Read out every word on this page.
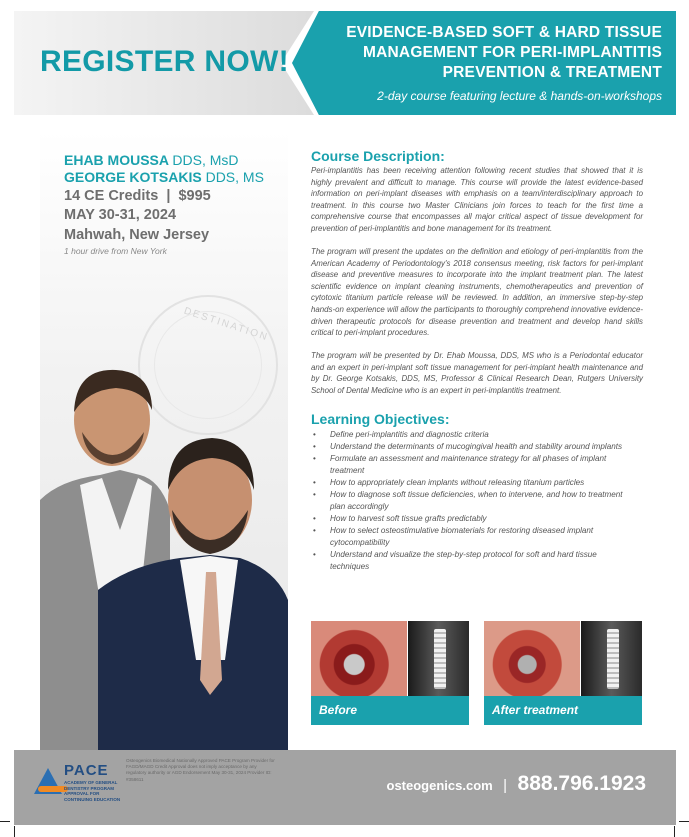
REGISTER NOW!
EVIDENCE-BASED SOFT & HARD TISSUE
MANAGEMENT FOR PERI-IMPLANTITIS
PREVENTION & TREATMENT
2-day course featuring lecture & hands-on-workshops
EHAB MOUSSA DDS, MsD
GEORGE KOTSAKIS DDS, MS
14 CE Credits  |  $995
MAY 30-31, 2024
Mahwah, New Jersey
1 hour drive from New York
DESTINATION
Course Description:

Peri-implantitis has been receiving attention following recent studies that showed that it is highly prevalent and difficult to manage. This course will provide the latest evidence-based information on peri-implant diseases with emphasis on a team/interdisciplinary approach to treatment. In this course two Master Clinicians join forces to teach for the first time a comprehensive course that encompasses all major critical aspect of tissue development for prevention of peri-implantitis and bone management for its treatment.

The program will present the updates on the definition and etiology of peri-implantitis from the American Academy of Periodontology's 2018 consensus meeting, risk factors for peri-implant disease and preventive measures to incorporate into the implant treatment plan. The latest scientific evidence on implant cleaning instruments, chemotherapeutics and prevention of cytotoxic titanium particle release will be reviewed. In addition, an immersive step-by-step hands-on experience will allow the participants to thoroughly comprehend innovative evidence-driven therapeutic protocols for disease prevention and treatment and develop hand skills critical to peri-implant procedures.

The program will be presented by Dr. Ehab Moussa, DDS, MS who is a Periodontal educator and an expert in peri-implant soft tissue management for peri-implant health maintenance and by Dr. George Kotsakis, DDS, MS, Professor & Clinical Research Dean, Rutgers University School of Dental Medicine who is an expert in peri-implantitis treatment.

Learning Objectives:
• Define peri-implantitis and diagnostic criteria
• Understand the determinants of mucogingival health and stability around implants
• Formulate an assessment and maintenance strategy for all phases of implant treatment
• How to appropriately clean implants without releasing titanium particles
• How to diagnose soft tissue deficiencies, when to intervene, and how to treatment plan accordingly
• How to harvest soft tissue grafts predictably
• How to select osteostimulative biomaterials for restoring diseased implant cytocompatibility
• Understand and visualize the step-by-step protocol for soft and hard tissue techniques
Before	After treatment
PACE
ACADEMY OF GENERAL DENTISTRY PROGRAM APPROVAL FOR CONTINUING EDUCATION
Osteogenics Biomedical Nationally Approved PACE Program Provider for FAGD/MAGD Credit Approval does not imply acceptance by any regulatory authority or AGD Endorsement May 30-31, 2024 Provider ID: #358611	osteogenics.com | 888.796.1923
